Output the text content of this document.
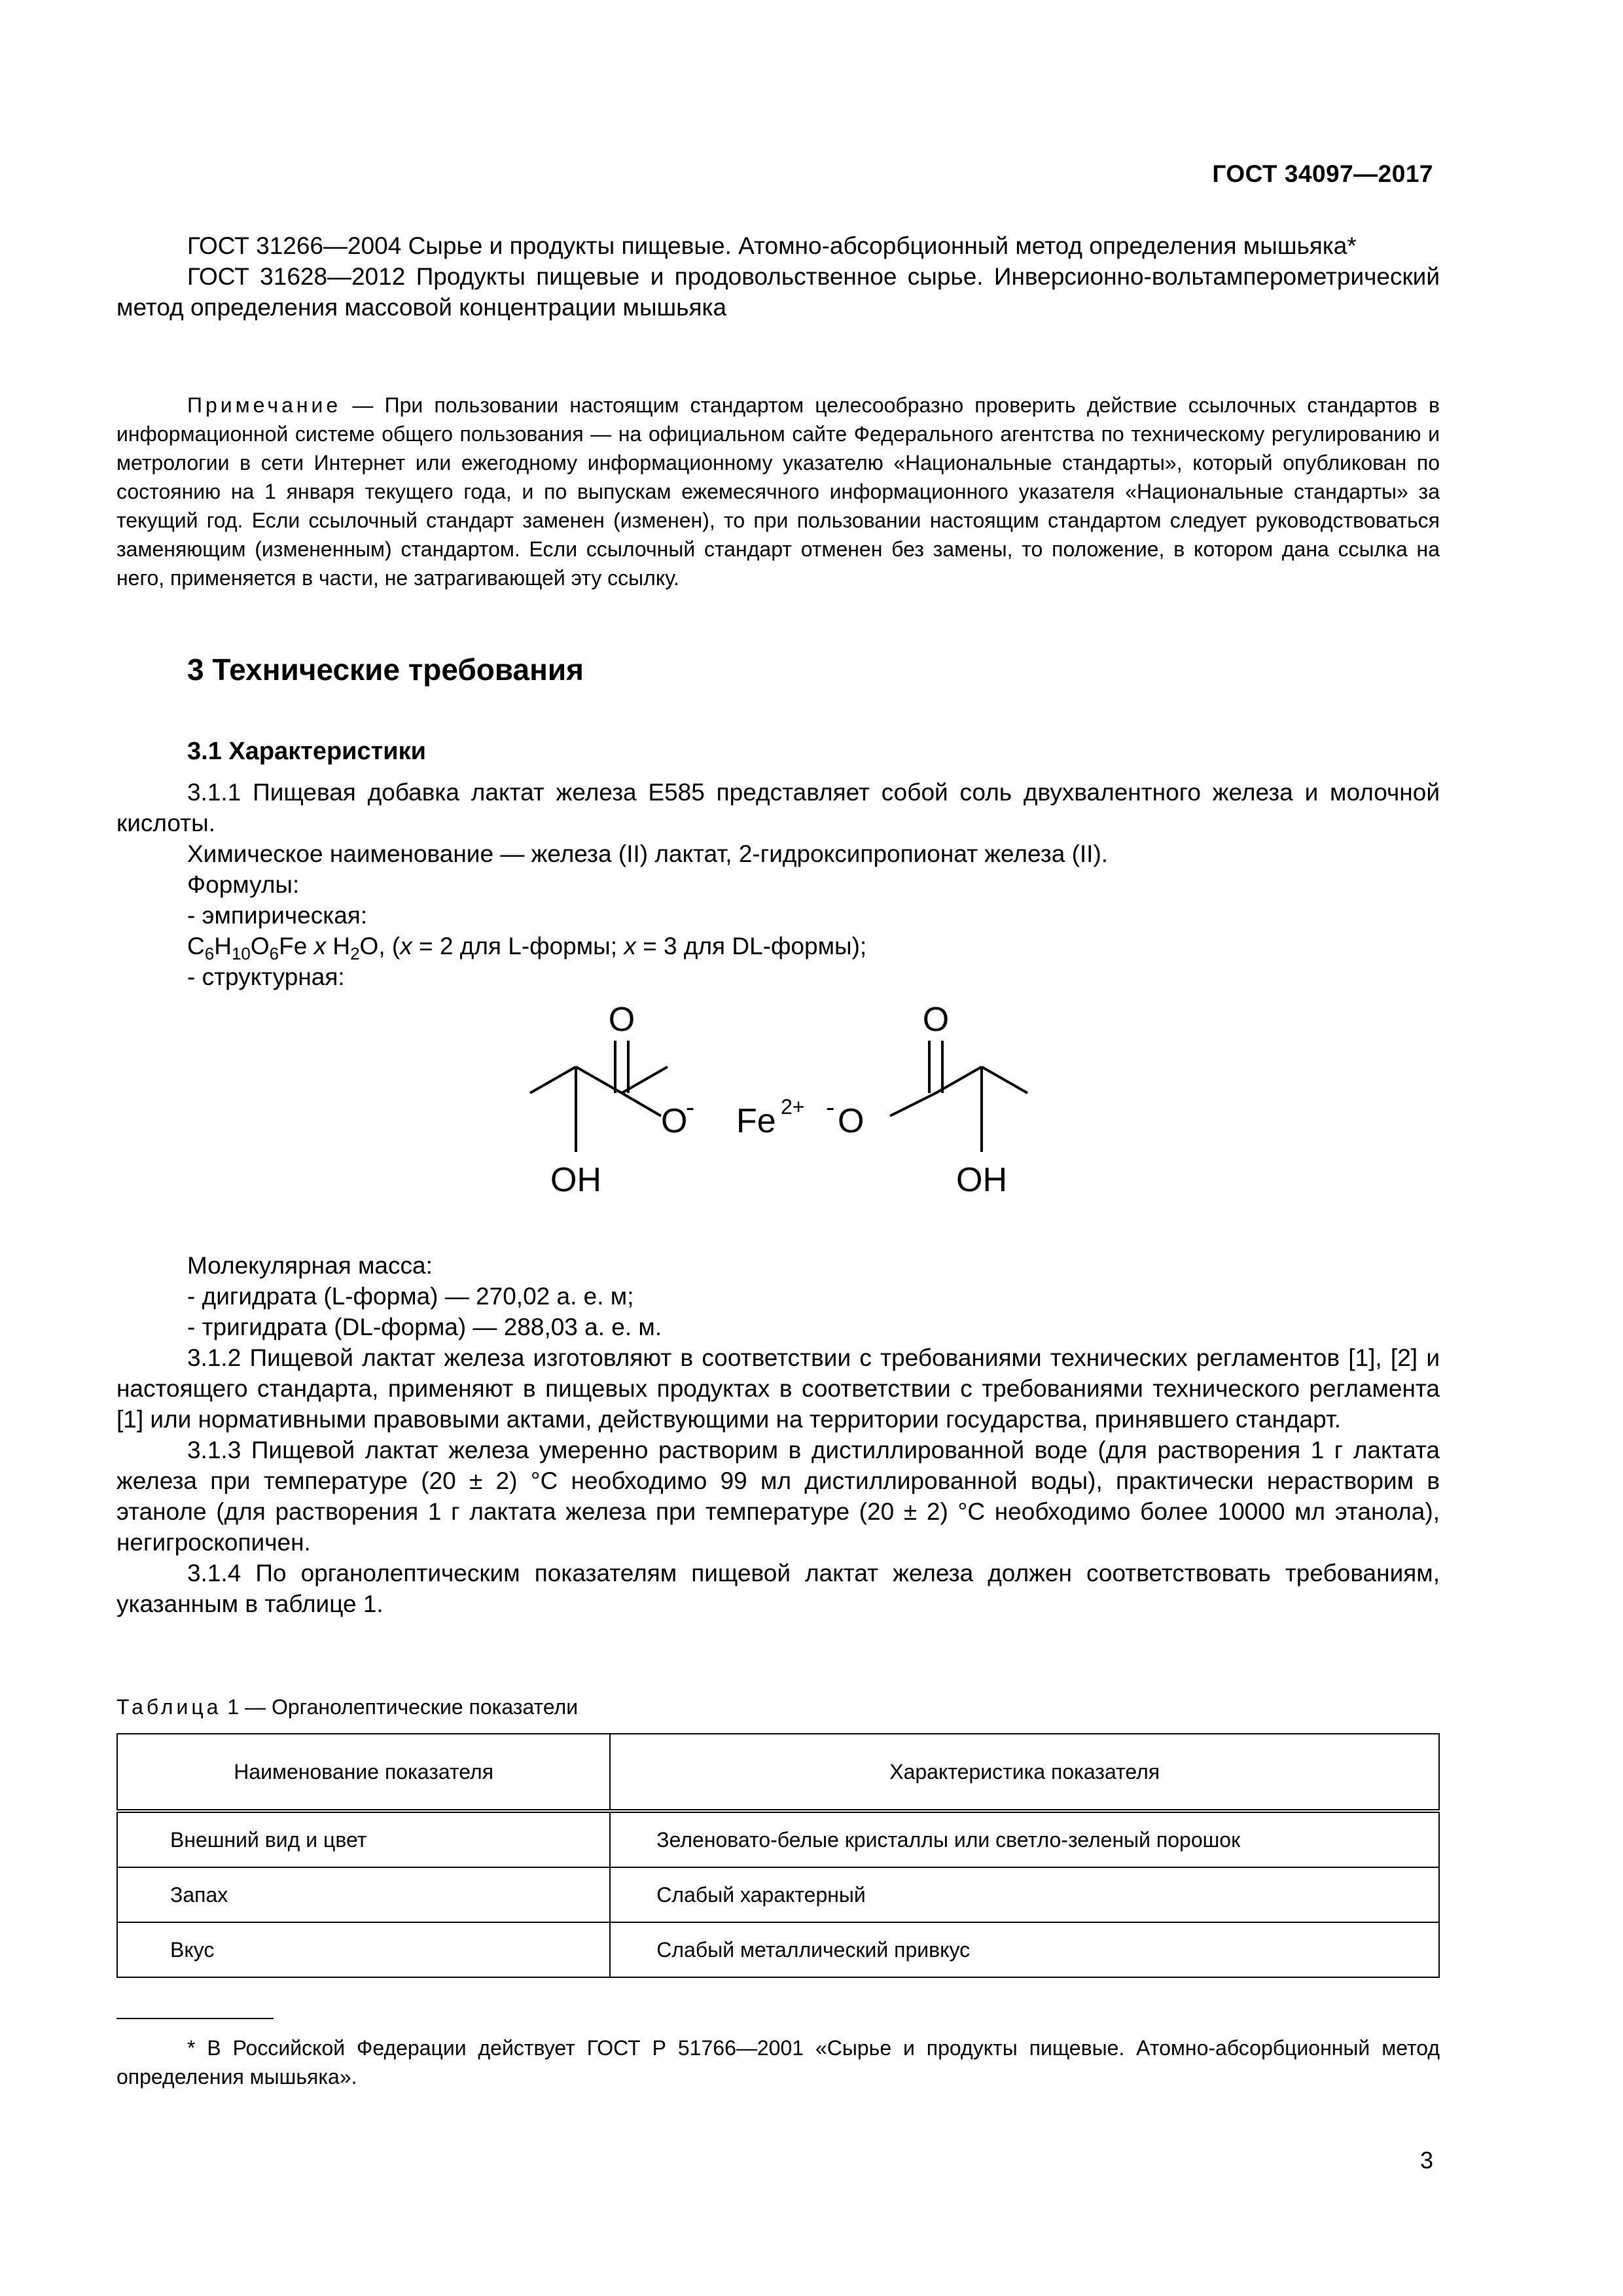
ГОСТ 34097—2017

ГОСТ 31266—2004 Сырье и продукты пищевые. Атомно-абсорбционный метод определения мышьяка*

ГОСТ 31628—2012 Продукты пищевые и продовольственное сырье. Инверсионно-вольтамперометрический метод определения массовой концентрации мышьяка

Примечание — При пользовании настоящим стандартом целесообразно проверить действие ссылочных стандартов в информационной системе общего пользования — на официальном сайте Федерального агентства по техническому регулированию и метрологии в сети Интернет или ежегодному информационному указателю «Национальные стандарты», который опубликован по состоянию на 1 января текущего года, и по выпускам ежемесячного информационного указателя «Национальные стандарты» за текущий год. Если ссылочный стандарт заменен (изменен), то при пользовании настоящим стандартом следует руководствоваться заменяющим (измененным) стандартом. Если ссылочный стандарт отменен без замены, то положение, в котором дана ссылка на него, применяется в части, не затрагивающей эту ссылку.

3 Технические требования
3.1 Характеристики

3.1.1 Пищевая добавка лактат железа Е585 представляет собой соль двухвалентного железа и молочной кислоты.

Химическое наименование — железа (II) лактат, 2-гидроксипропионат железа (II).

Формулы:

- эмпирическая:

$C_6H_{10}O_6Fe$ x $H_2O$, (x = 2 для L-формы; x = 3 для DL-формы);

- структурная:

O
O
- Fe 2+ - O
O
OH	OH

Молекулярная масса:

- дигидрата (L-форма) — 270,02 а. е. м;

- тригидрата (DL-форма) — 288,03 а. е. м.

3.1.2 Пищевой лактат железа изготовляют в соответствии с требованиями технических регламентов [1], [2] и настоящего стандарта, применяют в пищевых продуктах в соответствии с требованиями технического регламента [1] или нормативными правовыми актами, действующими на территории государства, принявшего стандарт.

3.1.3 Пищевой лактат железа умеренно растворим в дистиллированной воде (для растворения 1 г лактата железа при температуре (20 ± 2) °С необходимо 99 мл дистиллированной воды), практически нерастворим в этаноле (для растворения 1 г лактата железа при температуре (20 ± 2) °С необходимо более 10000 мл этанола), негигроскопичен.

3.1.4 По органолептическим показателям пищевой лактат железа должен соответствовать требованиям, указанным в таблице 1.

Таблица 1 — Органолептические показатели
Наименование показателя	Характеристика показателя
Внешний вид и цвет	Зеленовато-белые кристаллы или светло-зеленый порошок
Запах	Слабый характерный
Вкус	Слабый металлический привкус

* В Российской Федерации действует ГОСТ Р 51766—2001 «Сырье и продукты пищевые. Атомно-абсорбционный метод определения мышьяка».

3
